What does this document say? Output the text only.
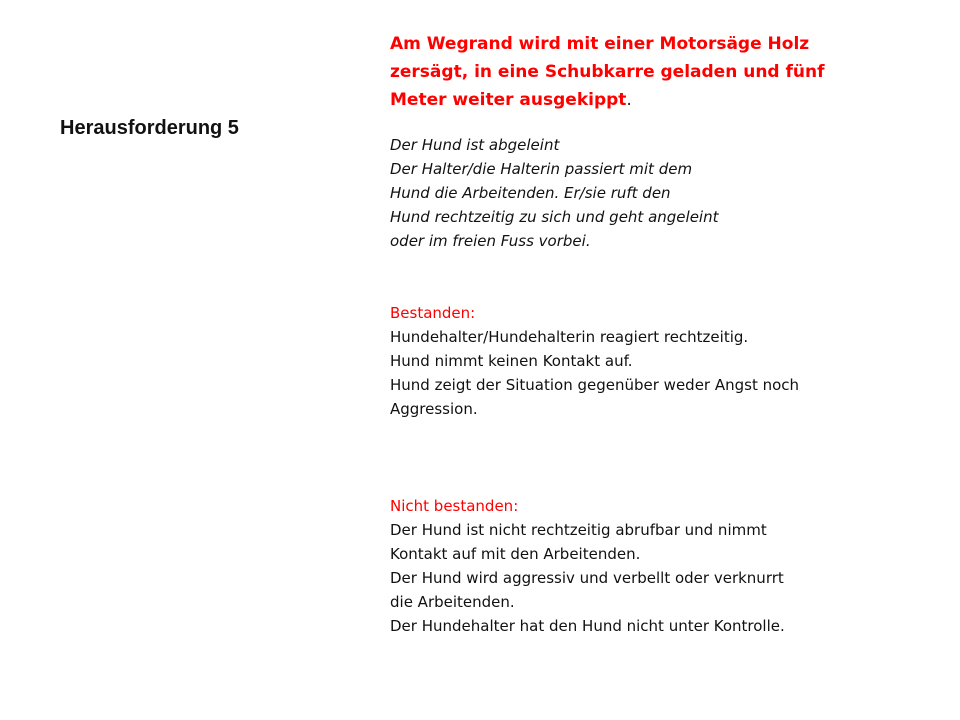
Herausforderung 5
Am Wegrand wird mit einer Motorsäge Holz
zersägt, in eine Schubkarre geladen und fünf
Meter weiter ausgekippt.
Der Hund ist abgeleint
Der Halter/die Halterin passiert mit dem
Hund die Arbeitenden. Er/sie ruft den
Hund rechtzeitig zu sich und geht angeleint
oder im freien Fuss vorbei.
Bestanden:
Hundehalter/Hundehalterin reagiert rechtzeitig.
Hund nimmt keinen Kontakt auf.
Hund zeigt der Situation gegenüber weder Angst noch
Aggression.
Nicht bestanden:
Der Hund ist nicht rechtzeitig abrufbar und nimmt
Kontakt auf mit den Arbeitenden.
Der Hund wird aggressiv und verbellt oder verknurrt
die Arbeitenden.
Der Hundehalter hat den Hund nicht unter Kontrolle.
